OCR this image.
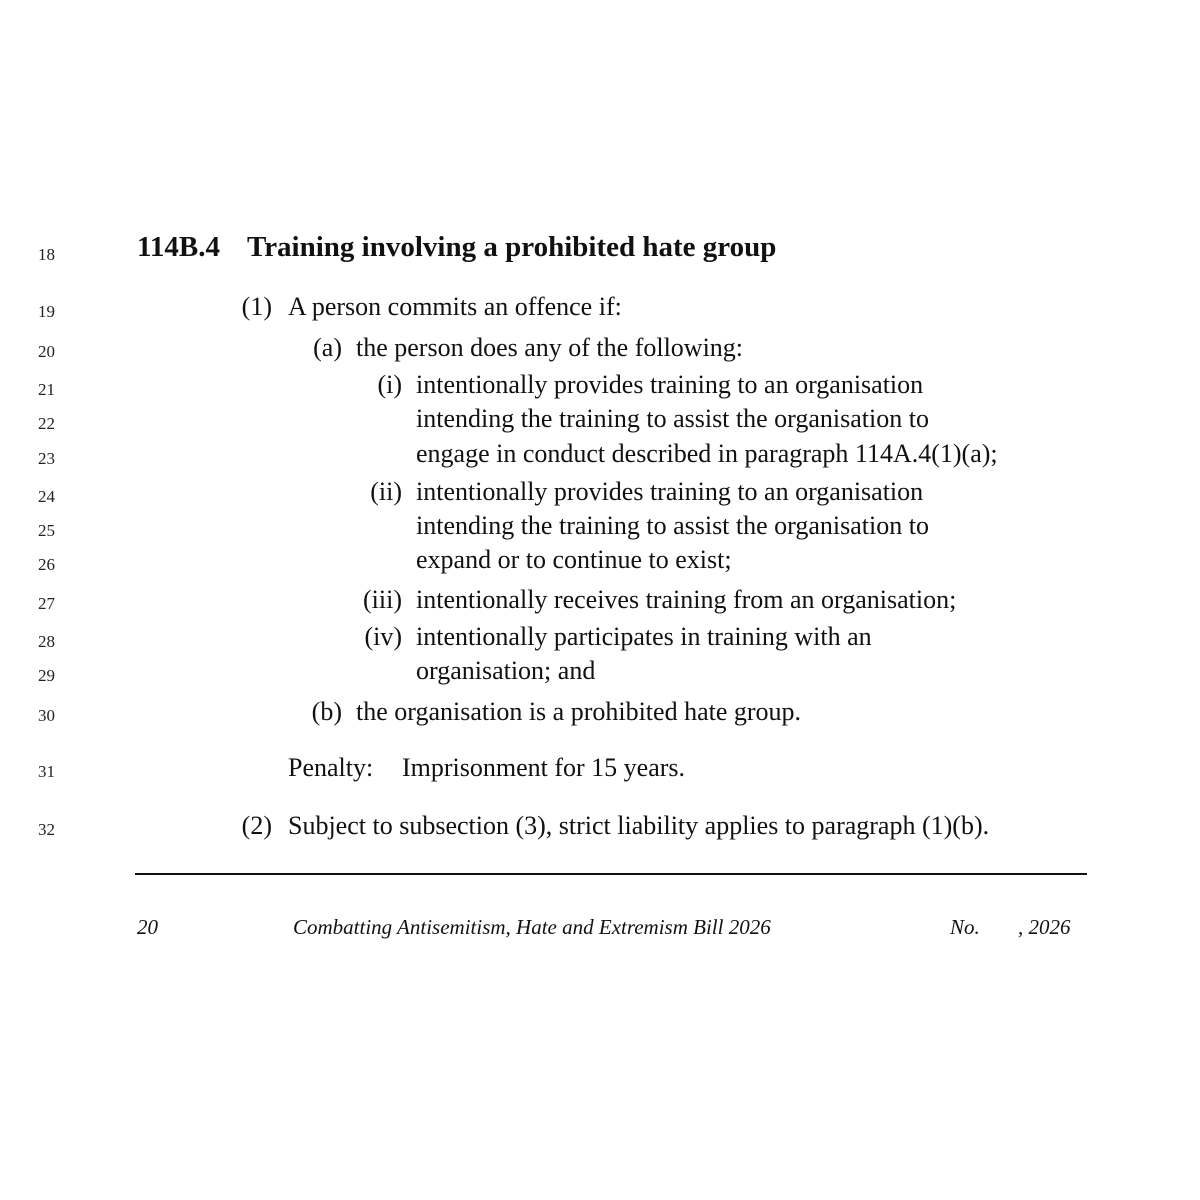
18
19
20
21
22
23
24
25
26
27
28
29
30
31
32
114B.4 Training involving a prohibited hate group
(1) A person commits an offence if:
(a) the person does any of the following:
(i) intentionally provides training to an organisation
intending the training to assist the organisation to
engage in conduct described in paragraph 114A.4(1)(a);
(ii) intentionally provides training to an organisation
intending the training to assist the organisation to
expand or to continue to exist;
(iii) intentionally receives training from an organisation;
(iv) intentionally participates in training with an
organisation; and
(b) the organisation is a prohibited hate group.
Penalty: Imprisonment for 15 years.
(2) Subject to subsection (3), strict liability applies to paragraph (1)(b).
20	Combatting Antisemitism, Hate and Extremism Bill 2026	No. , 2026
